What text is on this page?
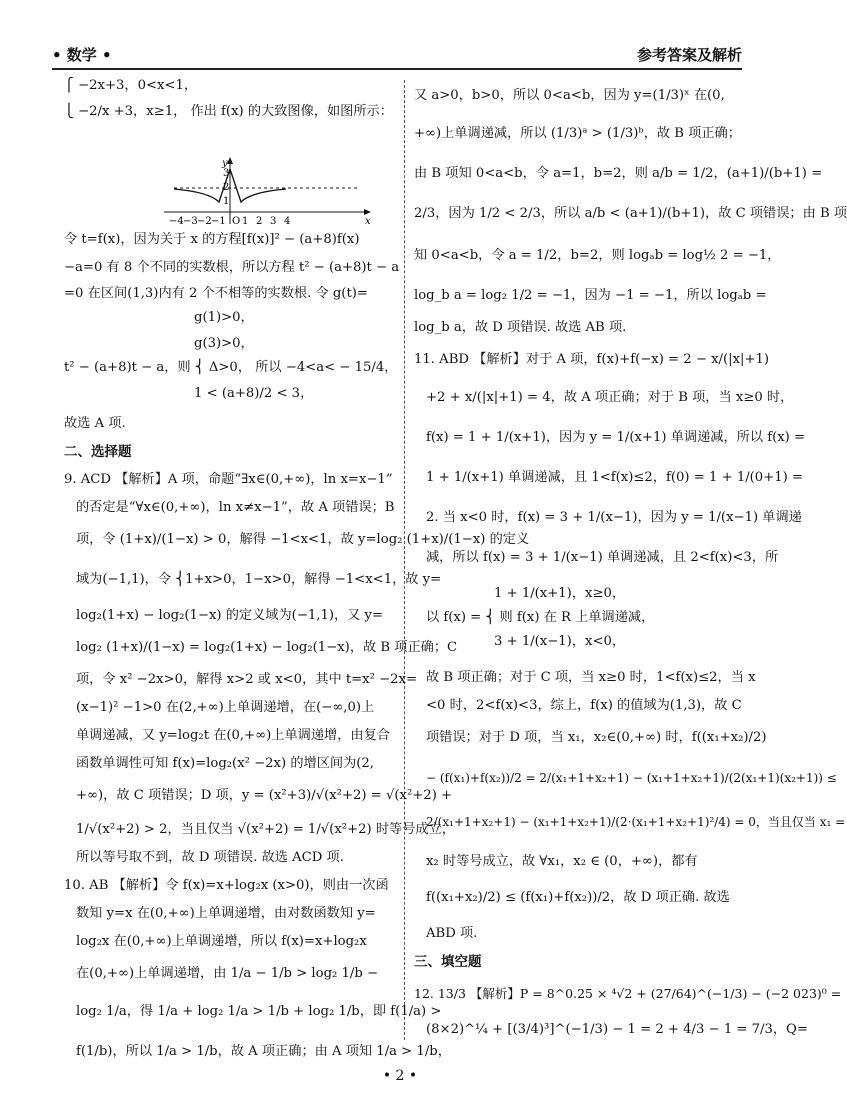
• 数学 •	参考答案及解析
⎧ −2x+3，0<x<1，
⎩ −2/x +3，x≥1， 作出 f(x) 的大致图像，如图所示：
y
x
3
2
1
O
−4 −3 −2 −1 1 2 3 4
令 t=f(x)，因为关于 x 的方程[f(x)]² − (a+8)f(x)
−a=0 有 8 个不同的实数根，所以方程 t² − (a+8)t − a
=0 在区间(1,3)内有 2 个不相等的实数根. 令 g(t)=
g(1)>0，
g(3)>0，
t² − (a+8)t − a，则 ⎨ Δ>0， 所以 −4<a< − 15/4，
1 < (a+8)/2 < 3，
故选 A 项.
二、选择题
9. ACD 【解析】A 项，命题“∃x∈(0,+∞)，ln x=x−1”
的否定是“∀x∈(0,+∞)，ln x≠x−1”，故 A 项错误；B
项，令 (1+x)/(1−x) > 0，解得 −1<x<1，故 y=log₂ (1+x)/(1−x) 的定义
域为(−1,1)，令 ⎨1+x>0，1−x>0，解得 −1<x<1，故 y=
log₂(1+x) − log₂(1−x) 的定义域为(−1,1)，又 y=
log₂ (1+x)/(1−x) = log₂(1+x) − log₂(1−x)，故 B 项正确；C
项，令 x² −2x>0，解得 x>2 或 x<0，其中 t=x² −2x=
(x−1)² −1>0 在(2,+∞)上单调递增，在(−∞,0)上
单调递减，又 y=log₂t 在(0,+∞)上单调递增，由复合
函数单调性可知 f(x)=log₂(x² −2x) 的增区间为(2,
+∞)，故 C 项错误；D 项，y = (x²+3)/√(x²+2) = √(x²+2) +
1/√(x²+2) > 2，当且仅当 √(x²+2) = 1/√(x²+2) 时等号成立，
所以等号取不到，故 D 项错误. 故选 ACD 项.
10. AB 【解析】令 f(x)=x+log₂x (x>0)，则由一次函
数知 y=x 在(0,+∞)上单调递增，由对数函数知 y=
log₂x 在(0,+∞)上单调递增，所以 f(x)=x+log₂x
在(0,+∞)上单调递增，由 1/a − 1/b > log₂ 1/b −
log₂ 1/a，得 1/a + log₂ 1/a > 1/b + log₂ 1/b，即 f(1/a) >
f(1/b)，所以 1/a > 1/b，故 A 项正确；由 A 项知 1/a > 1/b，
又 a>0，b>0，所以 0<a<b，因为 y=(1/3)ˣ 在(0,
+∞)上单调递减，所以 (1/3)ᵃ > (1/3)ᵇ，故 B 项正确；
由 B 项知 0<a<b，令 a=1，b=2，则 a/b = 1/2，(a+1)/(b+1) =
2/3，因为 1/2 < 2/3，所以 a/b < (a+1)/(b+1)，故 C 项错误；由 B 项
知 0<a<b，令 a = 1/2，b=2，则 logₐb = log½ 2 = −1，
log_b a = log₂ 1/2 = −1，因为 −1 = −1，所以 logₐb =
log_b a，故 D 项错误. 故选 AB 项.
11. ABD 【解析】对于 A 项，f(x)+f(−x) = 2 − x/(|x|+1)
+2 + x/(|x|+1) = 4，故 A 项正确；对于 B 项，当 x≥0 时，
f(x) = 1 + 1/(x+1)，因为 y = 1/(x+1) 单调递减，所以 f(x) =
1 + 1/(x+1) 单调递减，且 1<f(x)≤2，f(0) = 1 + 1/(0+1) =
2. 当 x<0 时，f(x) = 3 + 1/(x−1)，因为 y = 1/(x−1) 单调递
减，所以 f(x) = 3 + 1/(x−1) 单调递减，且 2<f(x)<3，所
1 + 1/(x+1)，x≥0，
以 f(x) = ⎨ 则 f(x) 在 R 上单调递减，
3 + 1/(x−1)，x<0，
故 B 项正确；对于 C 项，当 x≥0 时，1<f(x)≤2，当 x
<0 时，2<f(x)<3，综上，f(x) 的值域为(1,3)，故 C
项错误；对于 D 项，当 x₁，x₂∈(0,+∞) 时，f((x₁+x₂)/2)
− (f(x₁)+f(x₂))/2 = 2/(x₁+1+x₂+1) − (x₁+1+x₂+1)/(2(x₁+1)(x₂+1)) ≤
2/(x₁+1+x₂+1) − (x₁+1+x₂+1)/(2·(x₁+1+x₂+1)²/4) = 0，当且仅当 x₁ =
x₂ 时等号成立，故 ∀x₁，x₂ ∈ (0，+∞)，都有
f((x₁+x₂)/2) ≤ (f(x₁)+f(x₂))/2，故 D 项正确. 故选
ABD 项.
三、填空题
12. 13/3 【解析】P = 8^0.25 × ⁴√2 + (27/64)^(−1/3) − (−2 023)⁰ =
(8×2)^¼ + [(3/4)³]^(−1/3) − 1 = 2 + 4/3 − 1 = 7/3，Q=
• 2 •
